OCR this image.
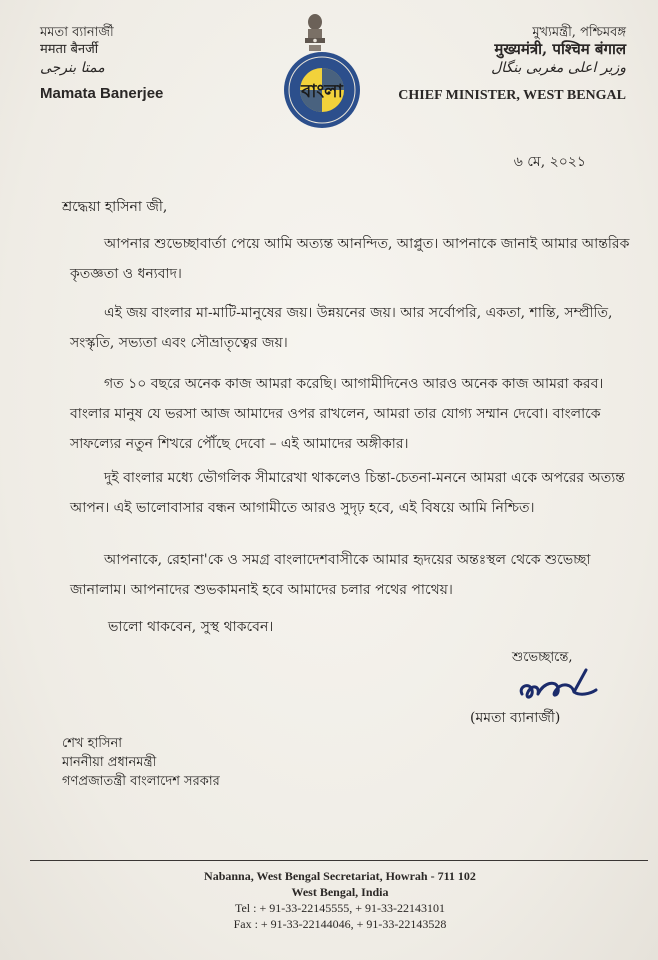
মমতা ব্যানার্জী
ममता बैनर्जी
ممتا بنرجی
Mamata Banerjee	বাংলা
মুখ্যমন্ত্রী, পশ্চিমবঙ্গ
मुख्यमंत्री, पश्चिम बंगाल
وزیر اعلی مغربی بنگال
CHIEF MINISTER, WEST BENGAL
৬ মে, ২০২১
শ্রদ্ধেয়া হাসিনা জী,
আপনার শুভেচ্ছাবার্তা পেয়ে আমি অত্যন্ত আনন্দিত, আপ্লুত। আপনাকে জানাই আমার আন্তরিক কৃতজ্ঞতা ও ধন্যবাদ।
এই জয় বাংলার মা-মাটি-মানুষের জয়। উন্নয়নের জয়। আর সর্বোপরি, একতা, শান্তি, সম্প্রীতি, সংস্কৃতি, সভ্যতা এবং সৌভ্রাতৃত্বের জয়।
গত ১০ বছরে অনেক কাজ আমরা করেছি। আগামীদিনেও আরও অনেক কাজ আমরা করব। বাংলার মানুষ যে ভরসা আজ আমাদের ওপর রাখলেন, আমরা তার যোগ্য সম্মান দেবো। বাংলাকে সাফল্যের নতুন শিখরে পৌঁছে দেবো – এই আমাদের অঙ্গীকার।
দুই বাংলার মধ্যে ভৌগলিক সীমারেখা থাকলেও চিন্তা-চেতনা-মননে আমরা একে অপরের অত্যন্ত আপন। এই ভালোবাসার বন্ধন আগামীতে আরও সুদৃঢ় হবে, এই বিষয়ে আমি নিশ্চিত।
আপনাকে, রেহানা'কে ও সমগ্র বাংলাদেশবাসীকে আমার হৃদয়ের অন্তঃস্থল থেকে শুভেচ্ছা জানালাম। আপনাদের শুভকামনাই হবে আমাদের চলার পথের পাথেয়।
ভালো থাকবেন, সুস্থ থাকবেন।
শুভেচ্ছান্তে,
(মমতা ব্যানার্জী)
শেখ হাসিনা
মাননীয়া প্রধানমন্ত্রী
গণপ্রজাতন্ত্রী বাংলাদেশ সরকার
Nabanna, West Bengal Secretariat, Howrah - 711 102
West Bengal, India
Tel : + 91-33-22145555, + 91-33-22143101
Fax : + 91-33-22144046, + 91-33-22143528
